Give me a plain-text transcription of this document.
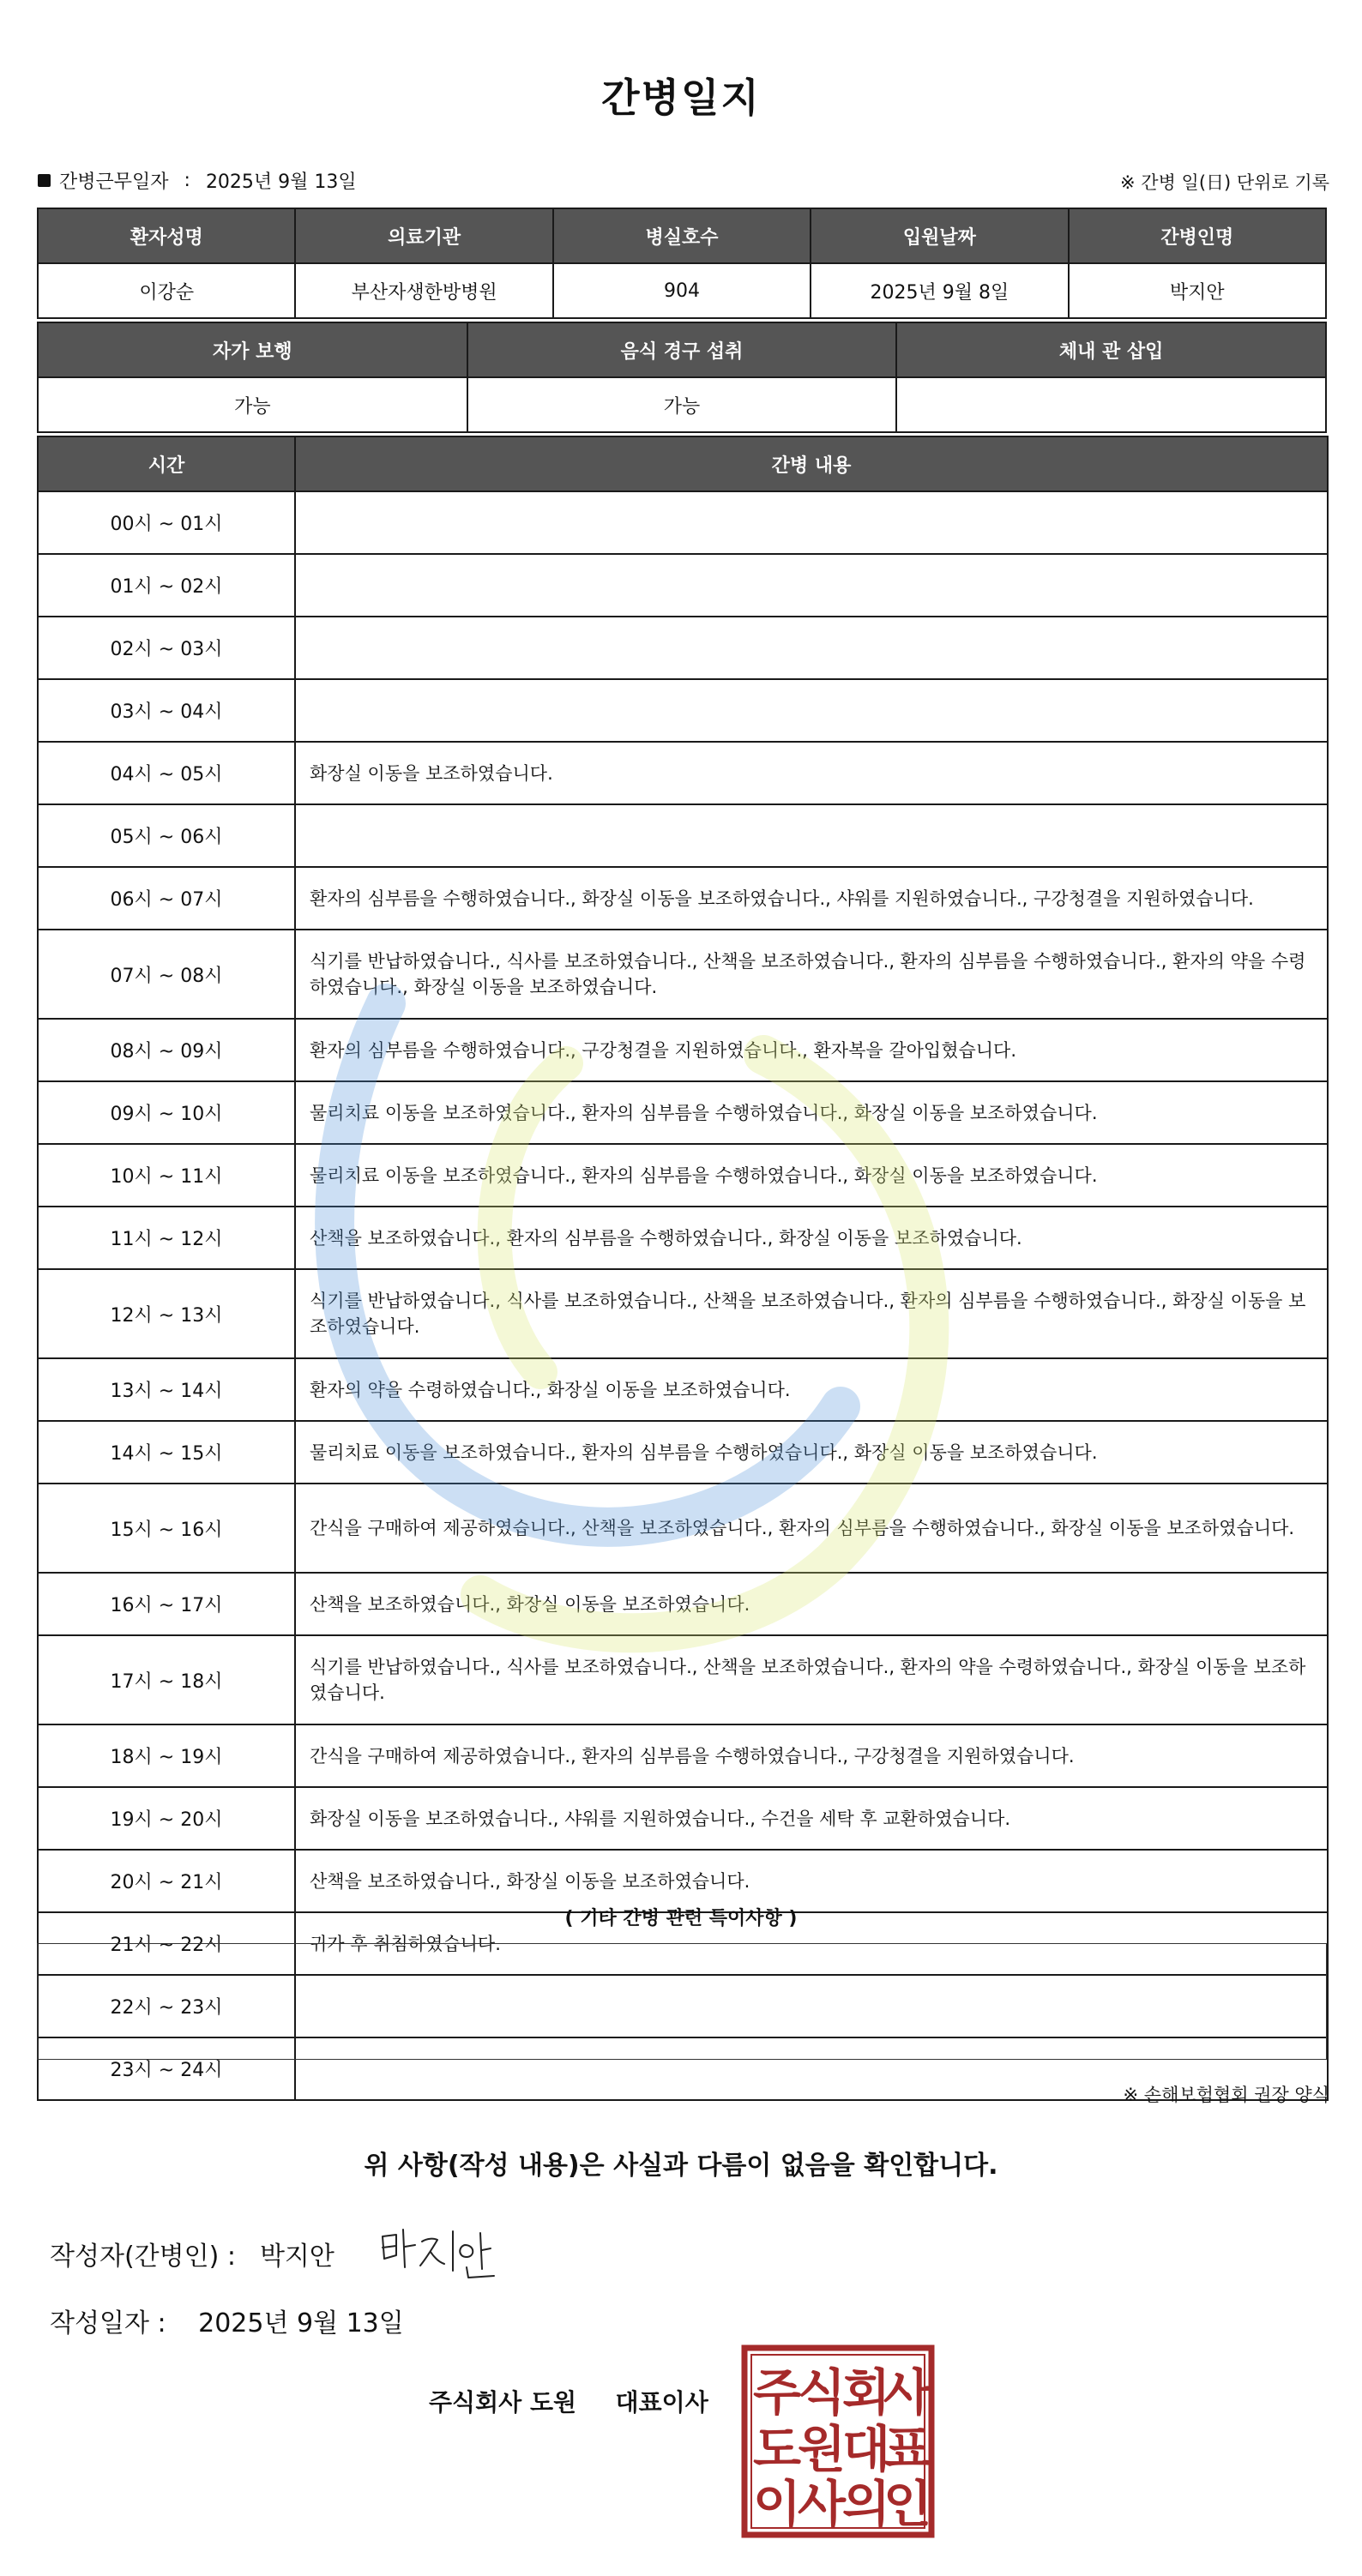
간병일지
간병근무일자 : 2025년 9월 13일	※ 간병 일(日) 단위로 기록
환자성명	의료기관	병실호수	입원날짜	간병인명
이강순	부산자생한방병원	904	2025년 9월 8일	박지안
자가 보행	음식 경구 섭취	체내 관 삽입
가능	가능	
시간	간병 내용
00시 ~ 01시	
01시 ~ 02시	
02시 ~ 03시	
03시 ~ 04시	
04시 ~ 05시	화장실 이동을 보조하였습니다.
05시 ~ 06시	
06시 ~ 07시	환자의 심부름을 수행하였습니다., 화장실 이동을 보조하였습니다., 샤워를 지원하였습니다., 구강청결을 지원하였습니다.
07시 ~ 08시	식기를 반납하였습니다., 식사를 보조하였습니다., 산책을 보조하였습니다., 환자의 심부름을 수행하였습니다., 환자의 약을 수령하였습니다., 화장실 이동을 보조하였습니다.
08시 ~ 09시	환자의 심부름을 수행하였습니다., 구강청결을 지원하였습니다., 환자복을 갈아입혔습니다.
09시 ~ 10시	물리치료 이동을 보조하였습니다., 환자의 심부름을 수행하였습니다., 화장실 이동을 보조하였습니다.
10시 ~ 11시	물리치료 이동을 보조하였습니다., 환자의 심부름을 수행하였습니다., 화장실 이동을 보조하였습니다.
11시 ~ 12시	산책을 보조하였습니다., 환자의 심부름을 수행하였습니다., 화장실 이동을 보조하였습니다.
12시 ~ 13시	식기를 반납하였습니다., 식사를 보조하였습니다., 산책을 보조하였습니다., 환자의 심부름을 수행하였습니다., 화장실 이동을 보조하였습니다.
13시 ~ 14시	환자의 약을 수령하였습니다., 화장실 이동을 보조하였습니다.
14시 ~ 15시	물리치료 이동을 보조하였습니다., 환자의 심부름을 수행하였습니다., 화장실 이동을 보조하였습니다.
15시 ~ 16시	간식을 구매하여 제공하였습니다., 산책을 보조하였습니다., 환자의 심부름을 수행하였습니다., 화장실 이동을 보조하였습니다.
16시 ~ 17시	산책을 보조하였습니다., 화장실 이동을 보조하였습니다.
17시 ~ 18시	식기를 반납하였습니다., 식사를 보조하였습니다., 산책을 보조하였습니다., 환자의 약을 수령하였습니다., 화장실 이동을 보조하였습니다.
18시 ~ 19시	간식을 구매하여 제공하였습니다., 환자의 심부름을 수행하였습니다., 구강청결을 지원하였습니다.
19시 ~ 20시	화장실 이동을 보조하였습니다., 샤워를 지원하였습니다., 수건을 세탁 후 교환하였습니다.
20시 ~ 21시	산책을 보조하였습니다., 화장실 이동을 보조하였습니다.
21시 ~ 22시	귀가 후 취침하였습니다.
22시 ~ 23시	
23시 ~ 24시	
( 기타 간병 관련 특이사항 )
※ 손해보험협회 권장 양식
위 사항(작성 내용)은 사실과 다름이 없음을 확인합니다.
작성자(간병인) : 박지안
작성일자 : 2025년 9월 13일
주식회사 도원 대표이사 주
식
회
사
도
원
대
표
이
사
의
인
